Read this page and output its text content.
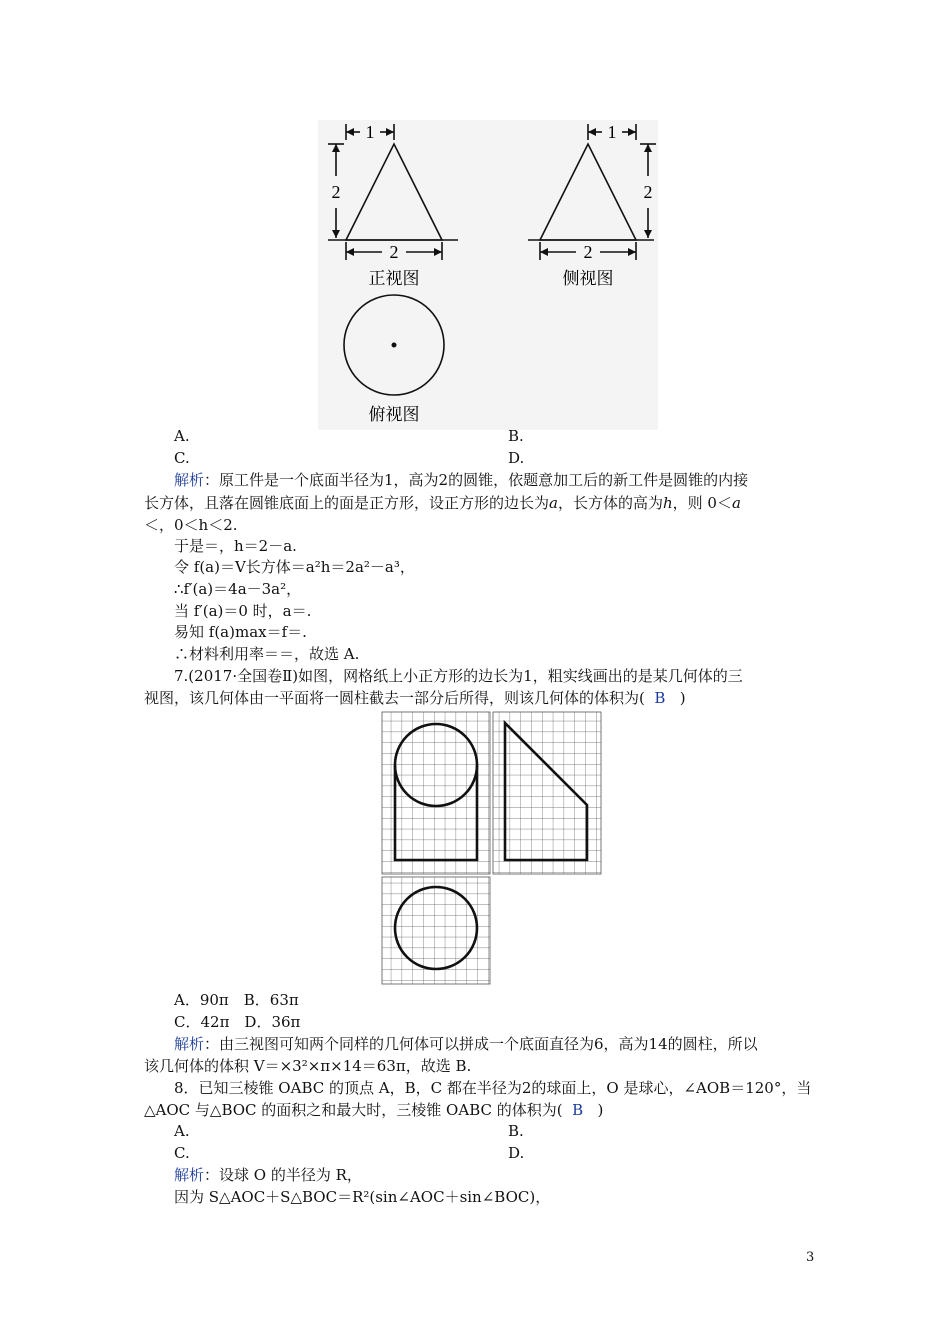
1
2
2
正视图
1
2
2
侧视图
俯视图
A.	B.
C.	D.
解析：原工件是一个底面半径为1，高为2的圆锥，依题意加工后的新工件是圆锥的内接
长方体，且落在圆锥底面上的面是正方形，设正方形的边长为a，长方体的高为h，则 0＜a
＜，0＜h＜2.
于是＝，h＝2－a.
令 f(a)＝V长方体＝a²h＝2a²－a³，
∴f′(a)＝4a－3a²，
当 f′(a)＝0 时，a＝.
易知 f(a)max＝f＝.
∴材料利用率＝＝，故选 A.
7.(2017·全国卷Ⅱ)如图，网格纸上小正方形的边长为1，粗实线画出的是某几何体的三
视图，该几何体由一平面将一圆柱截去一部分后所得，则该几何体的体积为( B )
A．90π　B．63π
C．42π　D．36π
解析：由三视图可知两个同样的几何体可以拼成一个底面直径为6，高为14的圆柱，所以
该几何体的体积 V＝×3²×π×14＝63π，故选 B.
8．已知三棱锥 OABC 的顶点 A，B，C 都在半径为2的球面上，O 是球心，∠AOB＝120°，当
△AOC 与△BOC 的面积之和最大时，三棱锥 OABC 的体积为( B )
A.	B.
C.	D.
解析：设球 O 的半径为 R，
因为 S△AOC＋S△BOC＝R²(sin∠AOC＋sin∠BOC)，
3
